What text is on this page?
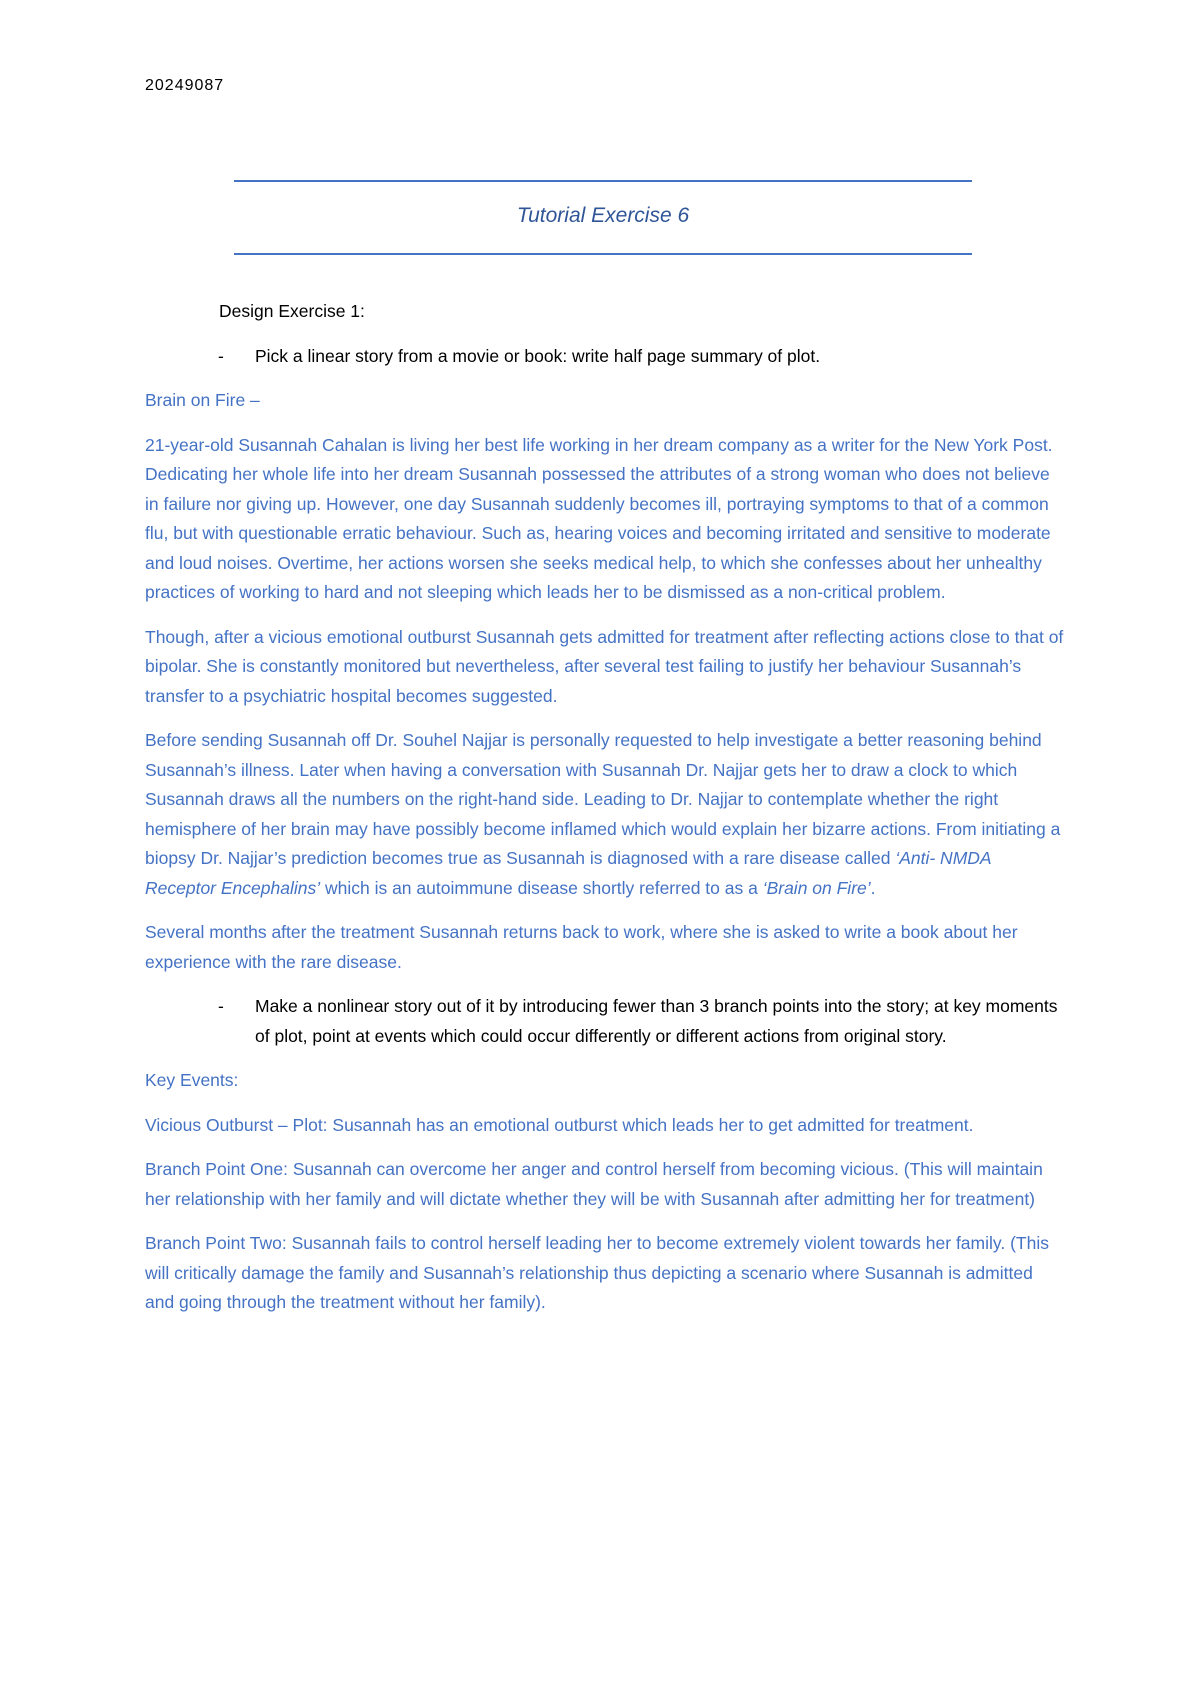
20249087
Tutorial Exercise 6

Design Exercise 1:

- Pick a linear story from a movie or book: write half page summary of plot.

Brain on Fire –

21-year-old Susannah Cahalan is living her best life working in her dream company as a writer for the New York Post. Dedicating her whole life into her dream Susannah possessed the attributes of a strong woman who does not believe in failure nor giving up. However, one day Susannah suddenly becomes ill, portraying symptoms to that of a common flu, but with questionable erratic behaviour. Such as, hearing voices and becoming irritated and sensitive to moderate and loud noises. Overtime, her actions worsen she seeks medical help, to which she confesses about her unhealthy practices of working to hard and not sleeping which leads her to be dismissed as a non-critical problem.

Though, after a vicious emotional outburst Susannah gets admitted for treatment after reflecting actions close to that of bipolar. She is constantly monitored but nevertheless, after several test failing to justify her behaviour Susannah’s transfer to a psychiatric hospital becomes suggested.

Before sending Susannah off Dr. Souhel Najjar is personally requested to help investigate a better reasoning behind Susannah’s illness. Later when having a conversation with Susannah Dr. Najjar gets her to draw a clock to which Susannah draws all the numbers on the right-hand side. Leading to Dr. Najjar to contemplate whether the right hemisphere of her brain may have possibly become inflamed which would explain her bizarre actions. From initiating a biopsy Dr. Najjar’s prediction becomes true as Susannah is diagnosed with a rare disease called ‘Anti- NMDA Receptor Encephalins’ which is an autoimmune disease shortly referred to as a ‘Brain on Fire’.

Several months after the treatment Susannah returns back to work, where she is asked to write a book about her experience with the rare disease.

- Make a nonlinear story out of it by introducing fewer than 3 branch points into the story; at key moments of plot, point at events which could occur differently or different actions from original story.

Key Events:

Vicious Outburst – Plot: Susannah has an emotional outburst which leads her to get admitted for treatment.

Branch Point One: Susannah can overcome her anger and control herself from becoming vicious. (This will maintain her relationship with her family and will dictate whether they will be with Susannah after admitting her for treatment)

Branch Point Two: Susannah fails to control herself leading her to become extremely violent towards her family. (This will critically damage the family and Susannah’s relationship thus depicting a scenario where Susannah is admitted and going through the treatment without her family).
